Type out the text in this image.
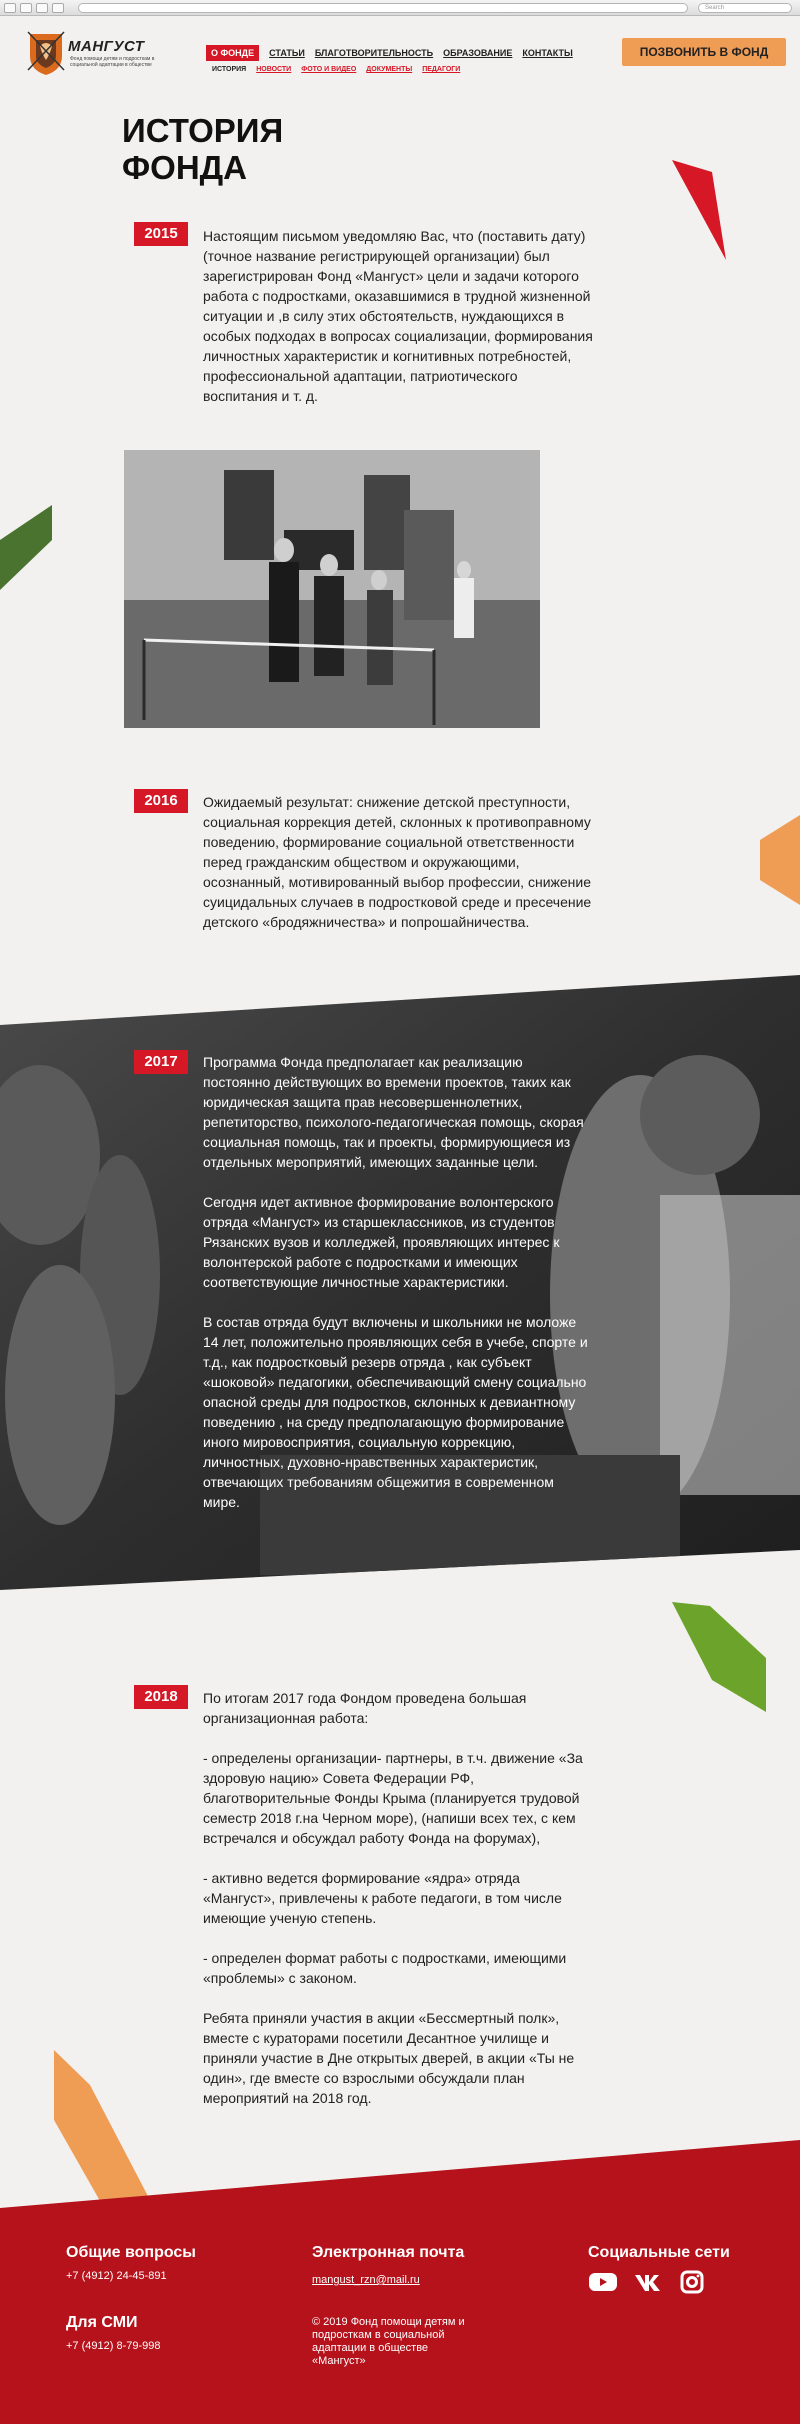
Search
МАНГУСТ
Фонд помощи детям и подросткам в социальной адаптации в обществе
О ФОНДЕ	СТАТЬИ БЛАГОТВОРИТЕЛЬНОСТЬ ОБРАЗОВАНИЕ КОНТАКТЫ
ИСТОРИЯ НОВОСТИ ФОТО И ВИДЕО ДОКУМЕНТЫ ПЕДАГОГИ
ПОЗВОНИТЬ В ФОНД
ИСТОРИЯ
ФОНДА
2015	Настоящим письмом уведомляю Вас, что (поставить дату) (точное название регистрирующей организации) был зарегистрирован Фонд «Мангуст» цели и задачи которого работа с подростками, оказавшимися в трудной жизненной ситуации и ,в силу этих обстоятельств, нуждающихся в особых подходах в вопросах социализации, формирования личностных характеристик и когнитивных потребностей, профессиональной адаптации, патриотического воспитания и т. д.

2016	Ожидаемый результат: снижение детской преступности, социальная коррекция детей, склонных к противоправному поведению, формирование социальной ответственности перед гражданским обществом и окружающими, осознанный, мотивированный выбор профессии, снижение суицидальных случаев в подростковой среде и пресечение детского «бродяжничества» и попрошайничества.

2017	Программа Фонда предполагает как реализацию постоянно действующих во времени проектов, таких как юридическая защита прав несовершеннолетних, репетиторство, психолого-педагогическая помощь, скорая социальная помощь, так и проекты, формирующиеся из отдельных мероприятий, имеющих заданные цели.

Сегодня идет активное формирование волонтерского отряда «Мангуст» из старшеклассников, из студентов Рязанских вузов и колледжей, проявляющих интерес к волонтерской работе с подростками и имеющих соответствующие личностные характеристики.

В состав отряда будут включены и школьники не моложе 14 лет, положительно проявляющих себя в учебе, спорте и т.д., как подростковый резерв отряда , как субъект «шоковой» педагогики, обеспечивающий смену социально опасной среды для подростков, склонных к девиантному поведению , на среду предполагающую формирование иного мировосприятия, социальную коррекцию, личностных, духовно-нравственных характеристик, отвечающих требованиям общежития в современном мире.

2018	По итогам 2017 года Фондом проведена большая организационная работа:

- определены организации- партнеры, в т.ч. движение «За здоровую нацию» Совета Федерации РФ, благотворительные Фонды Крыма (планируется трудовой семестр 2018 г.на Черном море), (напиши всех тех, с кем встречался и обсуждал работу Фонда на форумах),

- активно ведется формирование «ядра» отряда «Мангуст», привлечены к работе педагоги, в том числе имеющие ученую степень.

- определен формат работы с подростками, имеющими «проблемы» с законом.

Ребята приняли участия в акции «Бессмертный полк», вместе с кураторами посетили Десантное училище и приняли участие в Дне открытых дверей, в акции «Ты не один», где вместе со взрослыми обсуждали план мероприятий на 2018 год.

Общие вопросы
+7 (4912) 24-45-891
Для СМИ
+7 (4912) 8-79-998
Электронная почта
mangust_rzn@mail.ru
© 2019 Фонд помощи детям и подросткам в социальной адаптации в обществе «Мангуст»
Социальные сети
